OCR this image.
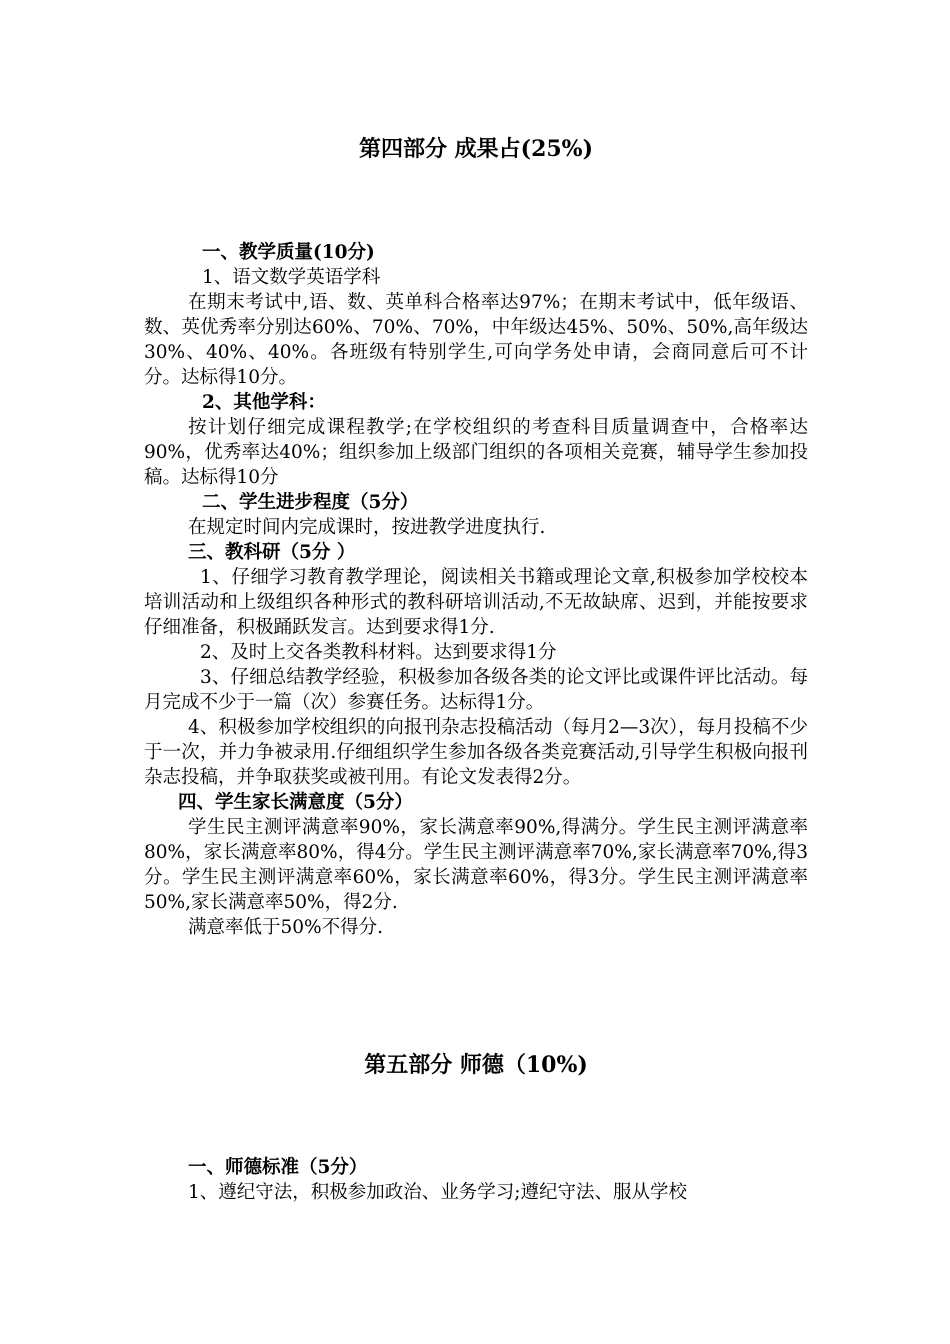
第四部分 成果占(25%)
一、教学质量(10分)

1、语文数学英语学科

在期末考试中,语、数、英单科合格率达97%；在期末考试中，低年级语、数、英优秀率分别达60%、70%、70%，中年级达45%、50%、50%,高年级达30%、40%、40%。各班级有特别学生,可向学务处申请，会商同意后可不计分。达标得10分。

2、其他学科：

按计划仔细完成课程教学;在学校组织的考查科目质量调查中，合格率达90%，优秀率达40%；组织参加上级部门组织的各项相关竞赛，辅导学生参加投稿。达标得10分

二、学生进步程度（5分）

在规定时间内完成课时，按进教学进度执行.

三、教科研（5分 ）

1、仔细学习教育教学理论，阅读相关书籍或理论文章,积极参加学校校本培训活动和上级组织各种形式的教科研培训活动,不无故缺席、迟到，并能按要求仔细准备，积极踊跃发言。达到要求得1分.

2、及时上交各类教科材料。达到要求得1分

3、仔细总结教学经验，积极参加各级各类的论文评比或课件评比活动。每月完成不少于一篇（次）参赛任务。达标得1分。

4、积极参加学校组织的向报刊杂志投稿活动（每月2—3次），每月投稿不少于一次，并力争被录用.仔细组织学生参加各级各类竞赛活动,引导学生积极向报刊杂志投稿，并争取获奖或被刊用。有论文发表得2分。

四、学生家长满意度（5分）

学生民主测评满意率90%，家长满意率90%,得满分。学生民主测评满意率80%，家长满意率80%，得4分。学生民主测评满意率70%,家长满意率70%,得3分。学生民主测评满意率60%，家长满意率60%，得3分。学生民主测评满意率50%,家长满意率50%，得2分.

满意率低于50%不得分.

第五部分 师德（10%)
一、师德标准（5分）

1、遵纪守法，积极参加政治、业务学习;遵纪守法、服从学校
